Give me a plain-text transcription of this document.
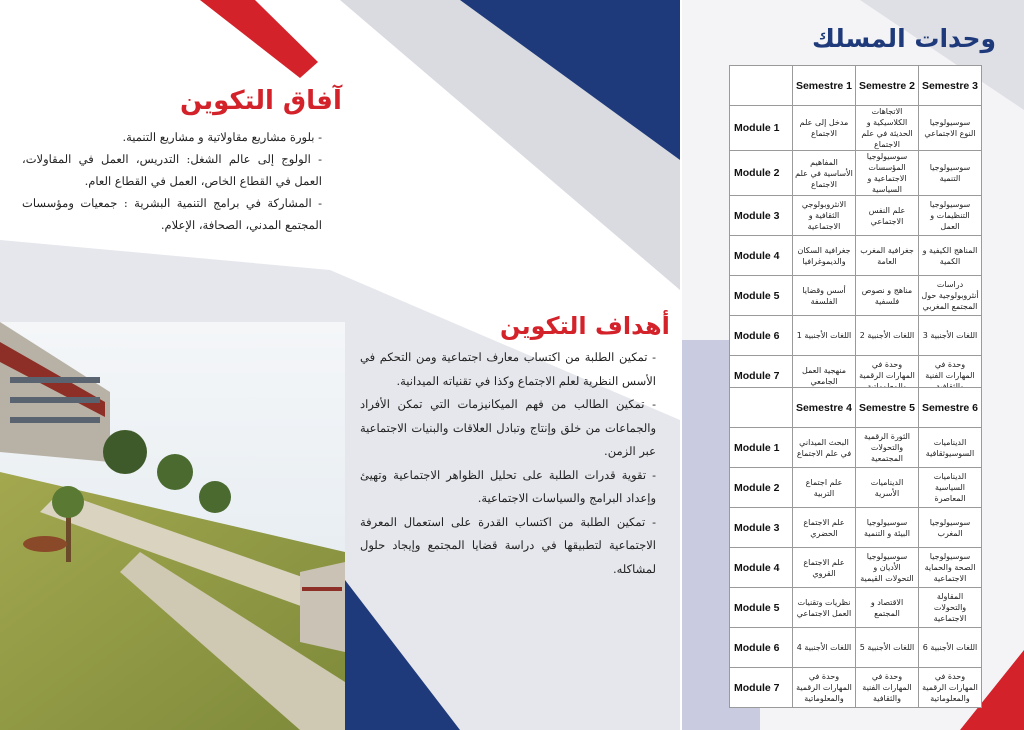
آفاق التكوين

- بلورة مشاريع مقاولاتية و مشاريع التنمية.

- الولوج إلى عالم الشغل: التدريس، العمل في المقاولات، العمل في القطاع الخاص، العمل في القطاع العام.

- المشاركة في برامج التنمية البشرية : جمعيات ومؤسسات المجتمع المدني، الصحافة، الإعلام.

أهداف التكوين

- تمكين الطلبة من اكتساب معارف اجتماعية ومن التحكم في الأسس النظرية لعلم الاجتماع وكذا في تقنياته الميدانية.

- تمكين الطالب من فهم الميكانيزمات التي تمكن الأفراد والجماعات من خلق وإنتاج وتبادل العلاقات والبنيات الاجتماعية عبر الزمن.

- تقوية قدرات الطلبة على تحليل الظواهر الاجتماعية وتهيئ وإعداد البرامج والسياسات الاجتماعية.

- تمكين الطلبة من اكتساب القدرة على استعمال المعرفة الاجتماعية لتطبيقها في دراسة قضايا المجتمع وإيجاد حلول لمشاكله.

وحدات المسلك
	Semestre 1	Semestre 2	Semestre 3
Module 1	مدخل إلى علم الاجتماع	الاتجاهات الكلاسيكية و الحديثة في علم الاجتماع	سوسيولوجيا النوع الاجتماعي
Module 2	المفاهيم الأساسية في علم الاجتماع	سوسيولوجيا المؤسسات الاجتماعية و السياسية	سوسيولوجيا التنمية
Module 3	الانثروبولوجي الثقافية و الاجتماعية	علم النفس الاجتماعي	سوسيولوجيا التنظيمات و العمل
Module 4	جغرافية السكان والديموغرافيا	جغرافية المغرب العامة	المناهج الكيفية و الكمية
Module 5	أسس وقضايا الفلسفة	مناهج و نصوص فلسفية	دراسات أنثروبولوجية حول المجتمع المغربي
Module 6	اللغات الأجنبية 1	اللغات الأجنبية 2	اللغات الأجنبية 3
Module 7	منهجية العمل الجامعي	وحدة في المهارات الرقمية	وحدة في المهارات الفنية
	Semestre 4	Semestre 5	Semestre 6
Module 1	البحث الميداني في علم الاجتماع	الثورة الرقمية والتحولات المجتمعية	الديناميات السوسيوثقافية
Module 2	علم اجتماع التربية	الديناميات الأسرية	الديناميات السياسية المعاصرة
Module 3	علم الاجتماع الحضري	سوسيولوجيا البيئة و التنمية	سوسيولوجيا المغرب
Module 4	علم الاجتماع القروي	سوسيولوجيا الأديان و التحولات القيمية	سوسيولوجيا الصحة والحماية الاجتماعية
Module 5	نظريات وتقنيات العمل الاجتماعي	الاقتصاد و المجتمع	المقاولة والتحولات الاجتماعية
Module 6	اللغات الأجنبية 4	اللغات الأجنبية 5	اللغات الأجنبية 6
Module 7	وحدة في المهارات الرقمية والمعلوماتية	وحدة في المهارات الفنية والثقافية	وحدة في المهارات الرقمية والمعلوماتية
